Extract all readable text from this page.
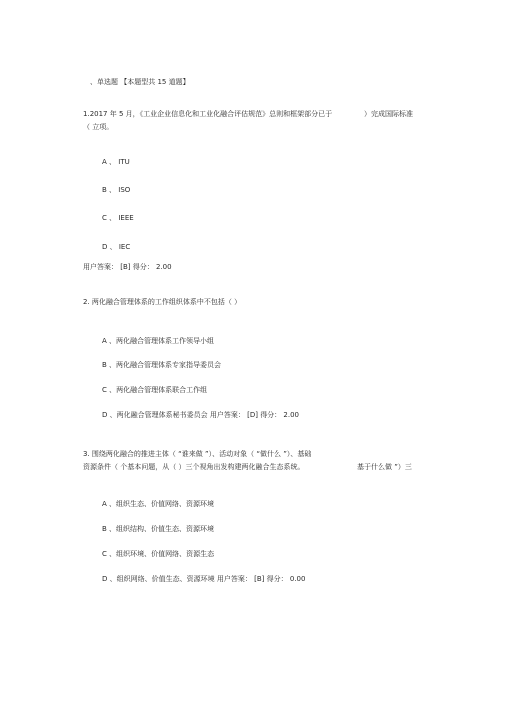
、单选题 【本题型共 15 道题】
1.2017 年 5 月，《工业企业信息化和工业化融合评估规范》总则和框架部分已于	）完成国际标准
（ 立项。
A 、 ITU
B 、 ISO
C 、 IEEE
D 、 IEC
用户答案： [B] 得分： 2.00
2. 两化融合管理体系的工作组织体系中不包括（ ）
A 、两化融合管理体系工作领导小组
B 、两化融合管理体系专家指导委员会
C 、两化融合管理体系联合工作组
D 、两化融合管理体系秘书委员会 用户答案： [D] 得分： 2.00
3. 围绕两化融合的推进主体（ “谁来做 ”）、活动对象（ “做什么 ”）、基础
资源条件（ 个基本问题，从（ ）三个视角出发构建两化融合生态系统。	基于什么做 ”）三
A 、组织生态、价值网络、资源环境
B 、组织结构、价值生态、资源环境
C 、组织环境、价值网络、资源生态
D 、组织网络、价值生态、资源环境 用户答案： [B] 得分： 0.00
